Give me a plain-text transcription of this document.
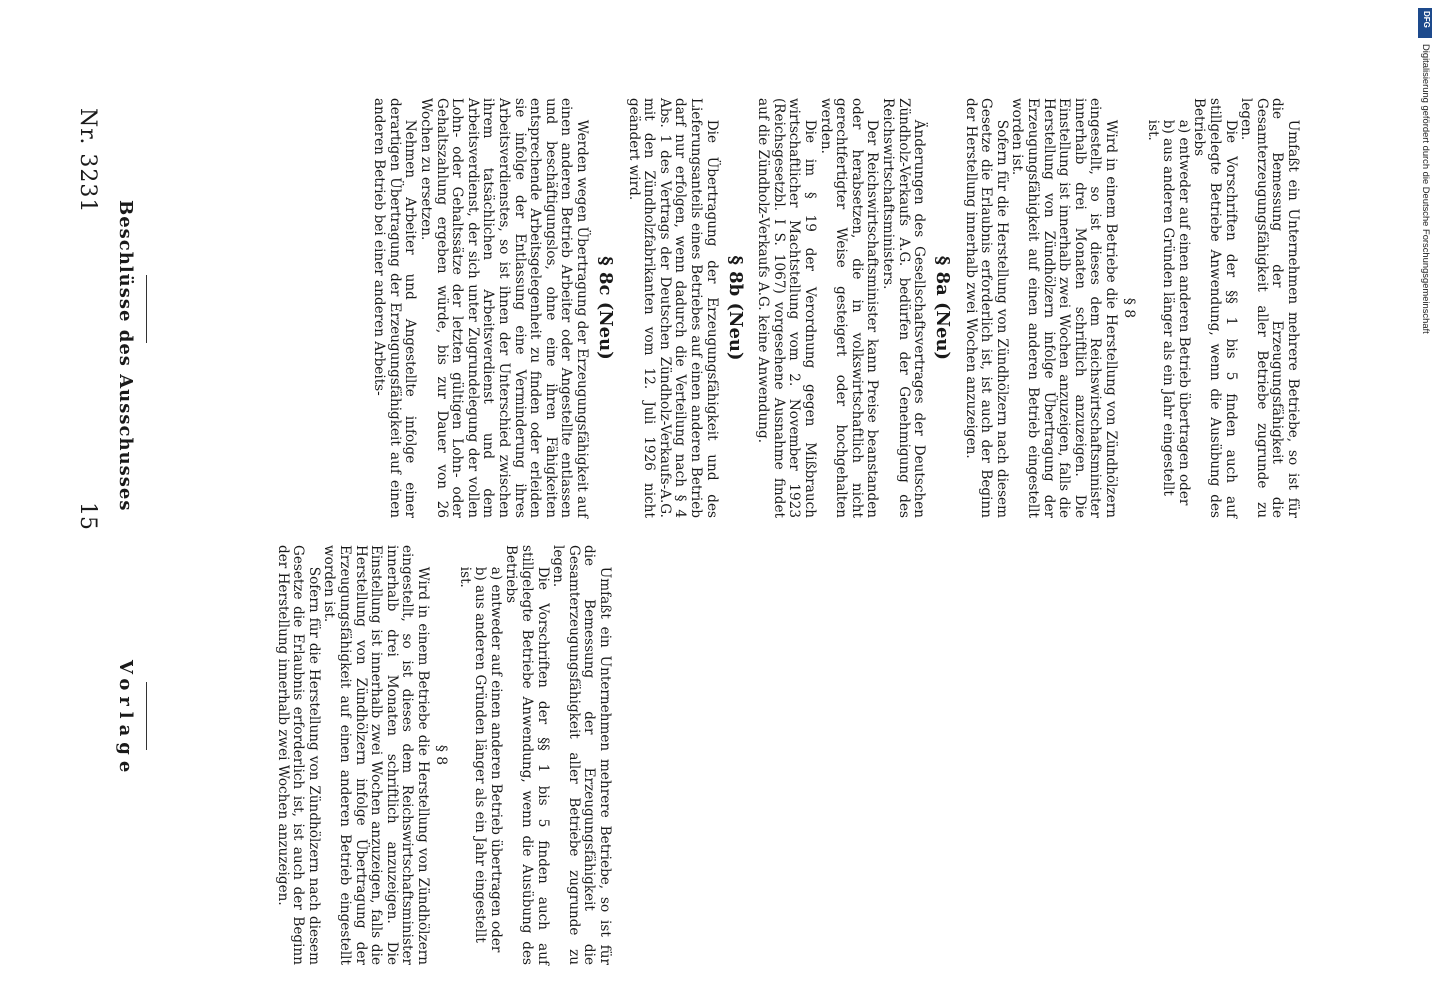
15
Nr. 3231
Vorlage
Beschlüsse des Ausschusses

Umfaßt ein Unternehmen mehrere Betriebe, so ist für die Bemessung der Erzeugungsfähigkeit die Gesamterzeugungsfähigkeit aller Betriebe zugrunde zu legen.

Die Vorschriften der §§ 1 bis 5 finden auch auf stillgelegte Betriebe Anwendung, wenn die Ausübung des Betriebs

a) entweder auf einen anderen Betrieb übertragen oder

b) aus anderen Gründen länger als ein Jahr eingestellt ist.

§ 8

Wird in einem Betriebe die Herstellung von Zündhölzern eingestellt, so ist dieses dem Reichswirtschaftsminister innerhalb drei Monaten schriftlich anzuzeigen. Die Einstellung ist innerhalb zwei Wochen anzuzeigen, falls die Herstellung von Zündhölzern infolge Übertragung der Erzeugungsfähigkeit auf einen anderen Betrieb eingestellt worden ist.

Sofern für die Herstellung von Zündhölzern nach diesem Gesetze die Erlaubnis erforderlich ist, ist auch der Beginn der Herstellung innerhalb zwei Wochen anzuzeigen.

Umfaßt ein Unternehmen mehrere Betriebe, so ist für die Bemessung der Erzeugungsfähigkeit die Gesamterzeugungsfähigkeit aller Betriebe zugrunde zu legen.

Die Vorschriften der §§ 1 bis 5 finden auch auf stillgelegte Betriebe Anwendung, wenn die Ausübung des Betriebs

a) entweder auf einen anderen Betrieb übertragen oder

b) aus anderen Gründen länger als ein Jahr eingestellt ist.

§ 8

Wird in einem Betriebe die Herstellung von Zündhölzern eingestellt, so ist dieses dem Reichswirtschaftsminister innerhalb drei Monaten schriftlich anzuzeigen. Die Einstellung ist innerhalb zwei Wochen anzuzeigen, falls die Herstellung von Zündhölzern infolge Übertragung der Erzeugungsfähigkeit auf einen anderen Betrieb eingestellt worden ist.

Sofern für die Herstellung von Zündhölzern nach diesem Gesetze die Erlaubnis erforderlich ist, ist auch der Beginn der Herstellung innerhalb zwei Wochen anzuzeigen.

§ 8a (Neu)

Änderungen des Gesellschaftsvertrages der Deutschen Zündholz-Verkaufs A.G. bedürfen der Genehmigung des Reichswirtschaftsministers.

Der Reichswirtschaftsminister kann Preise beanstanden oder herabsetzen, die in volkswirtschaftlich nicht gerechtfertigter Weise gesteigert oder hochgehalten werden.

Die im § 19 der Verordnung gegen Mißbrauch wirtschaftlicher Machtstellung vom 2. November 1923 (Reichsgesetzbl. I S. 1067) vorgesehene Ausnahme findet auf die Zündholz-Verkaufs A.G. keine Anwendung.

§ 8b (Neu)

Die Übertragung der Erzeugungsfähigkeit und des Lieferungsanteils eines Betriebes auf einen anderen Betrieb darf nur erfolgen, wenn dadurch die Verteilung nach § 4 Abs. 1 des Vertrags der Deutschen Zündholz-Verkaufs-A.G. mit den Zündholzfabrikanten vom 12. Juli 1926 nicht geändert wird.

§ 8c (Neu)

Werden wegen Übertragung der Erzeugungsfähigkeit auf einen anderen Betrieb Arbeiter oder Angestellte entlassen und beschäftigungslos, ohne eine ihren Fähigkeiten entsprechende Arbeitsgelegenheit zu finden oder erleiden sie infolge der Entlassung eine Verminderung ihres Arbeitsverdienstes, so ist ihnen der Unterschied zwischen ihrem tatsächlichen Arbeitsverdienst und dem Arbeitsverdienst, der sich unter Zugrundelegung der vollen Lohn- oder Gehaltssätze der letzten gültigen Lohn- oder Gehaltszahlung ergeben würde, bis zur Dauer von 26 Wochen zu ersetzen.

Nehmen Arbeiter und Angestellte infolge einer derartigen Übertragung der Erzeugungsfähigkeit auf einen anderen Betrieb bei einer anderen Arbeits-

DFG
Digitalisierung gefördert durch die Deutsche Forschungsgemeinschaft
